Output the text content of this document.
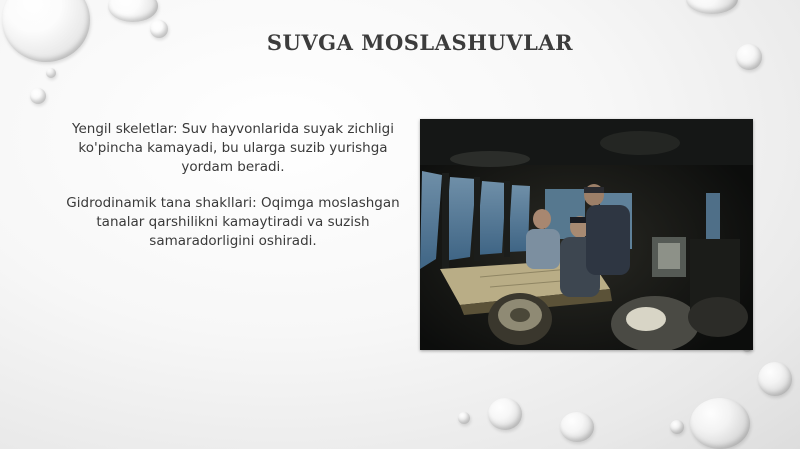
SUVGA MOSLASHUVLAR

Yengil skeletlar: Suv hayvonlarida suyak zichligi ko'pincha kamayadi, bu ularga suzib yurishga yordam beradi.

Gidrodinamik tana shakllari: Oqimga moslashgan tanalar qarshilikni kamaytiradi va suzish samaradorligini oshiradi.
